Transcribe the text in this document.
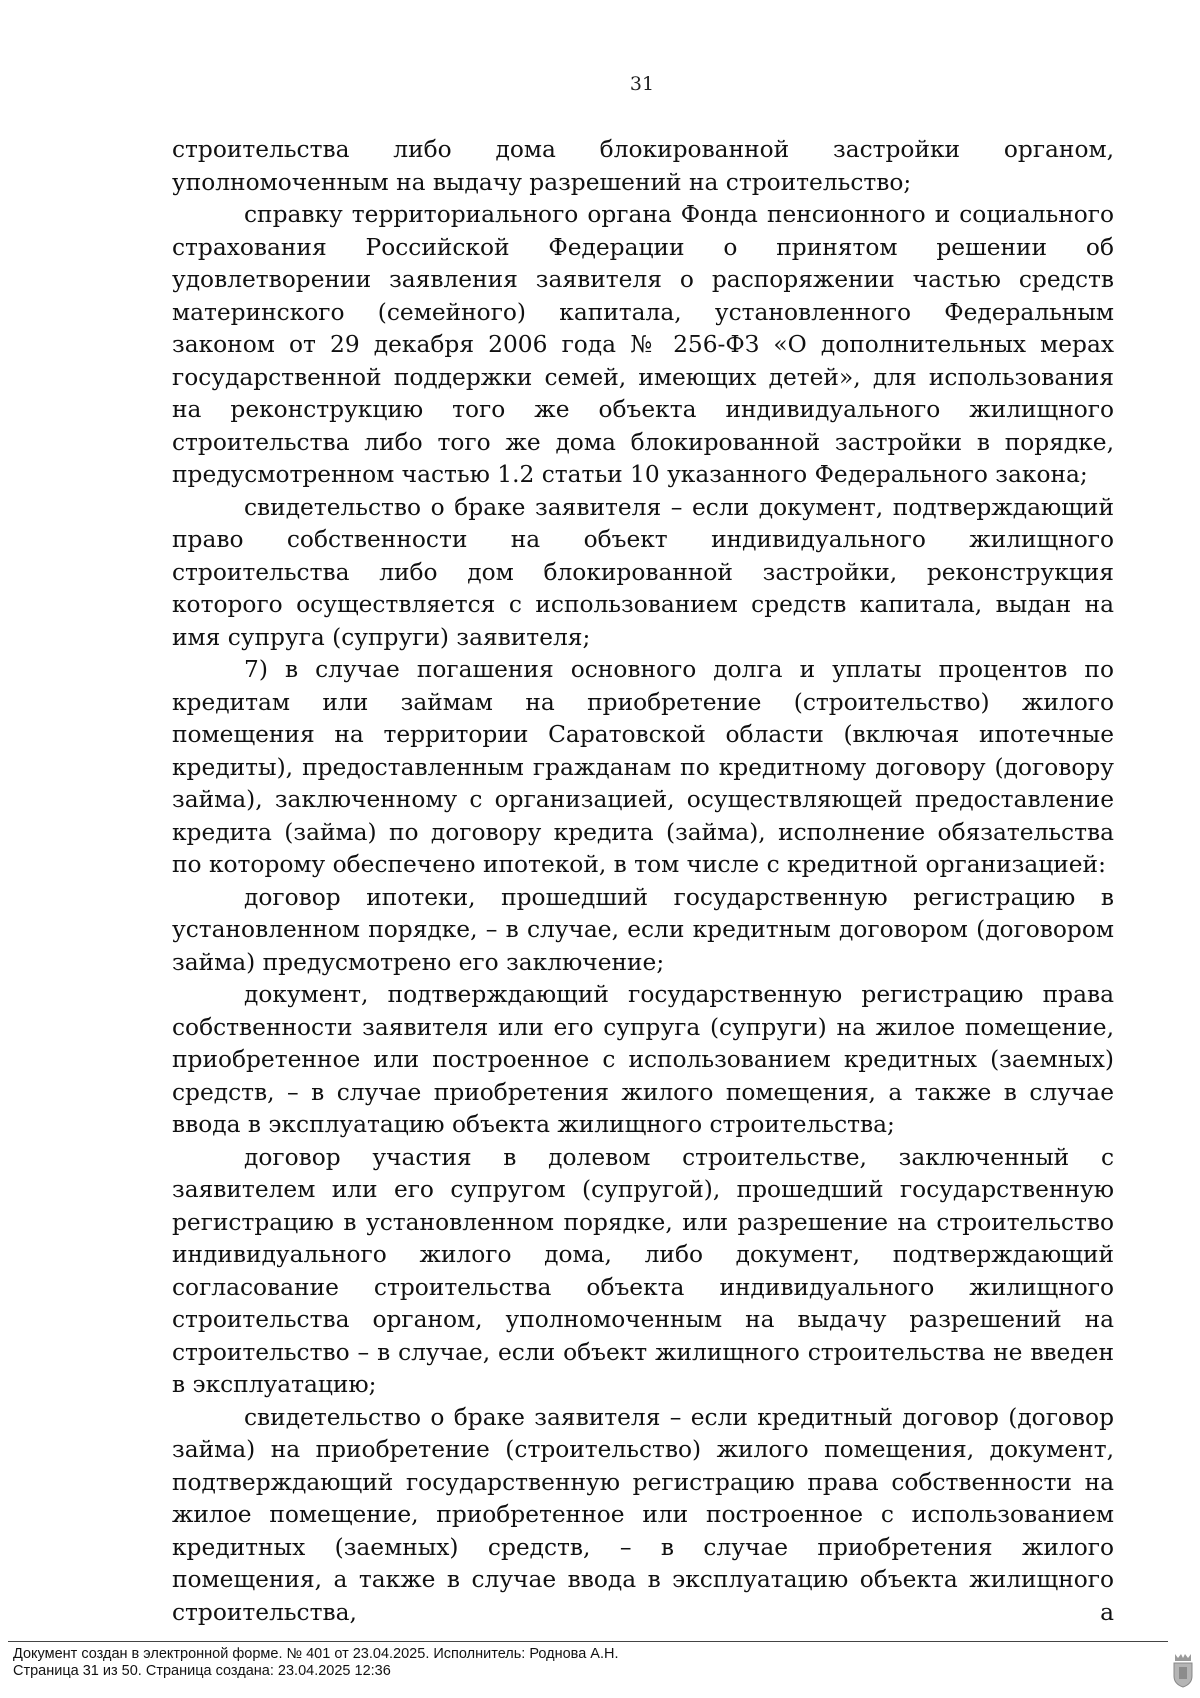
31

строительства либо дома блокированной застройки органом, уполномоченным на выдачу разрешений на строительство;

справку территориального органа Фонда пенсионного и социального страхования Российской Федерации о принятом решении об удовлетворении заявления заявителя о распоряжении частью средств материнского (семейного) капитала, установленного Федеральным законом от 29 декабря 2006 года № 256-ФЗ «О дополнительных мерах государственной поддержки семей, имеющих детей», для использования на реконструкцию того же объекта индивидуального жилищного строительства либо того же дома блокированной застройки в порядке, предусмотренном частью 1.2 статьи 10 указанного Федерального закона;

свидетельство о браке заявителя – если документ, подтверждающий право собственности на объект индивидуального жилищного строительства либо дом блокированной застройки, реконструкция которого осуществляется с использованием средств капитала, выдан на имя супруга (супруги) заявителя;

7) в случае погашения основного долга и уплаты процентов по кредитам или займам на приобретение (строительство) жилого помещения на территории Саратовской области (включая ипотечные кредиты), предоставленным гражданам по кредитному договору (договору займа), заключенному с организацией, осуществляющей предоставление кредита (займа) по договору кредита (займа), исполнение обязательства по которому обеспечено ипотекой, в том числе с кредитной организацией:

договор ипотеки, прошедший государственную регистрацию в установленном порядке, – в случае, если кредитным договором (договором займа) предусмотрено его заключение;

документ, подтверждающий государственную регистрацию права собственности заявителя или его супруга (супруги) на жилое помещение, приобретенное или построенное с использованием кредитных (заемных) средств, – в случае приобретения жилого помещения, а также в случае ввода в эксплуатацию объекта жилищного строительства;

договор участия в долевом строительстве, заключенный с заявителем или его супругом (супругой), прошедший государственную регистрацию в установленном порядке, или разрешение на строительство индивидуального жилого дома, либо документ, подтверждающий согласование строительства объекта индивидуального жилищного строительства органом, уполномоченным на выдачу разрешений на строительство – в случае, если объект жилищного строительства не введен в эксплуатацию;

свидетельство о браке заявителя – если кредитный договор (договор займа) на приобретение (строительство) жилого помещения, документ, подтверждающий государственную регистрацию права собственности на жилое помещение, приобретенное или построенное с использованием кредитных (заемных) средств, – в случае приобретения жилого помещения, а также в случае ввода в эксплуатацию объекта жилищного строительства, а

Документ создан в электронной форме. № 401 от 23.04.2025. Исполнитель: Роднова А.Н.
Страница 31 из 50. Страница создана: 23.04.2025 12:36
